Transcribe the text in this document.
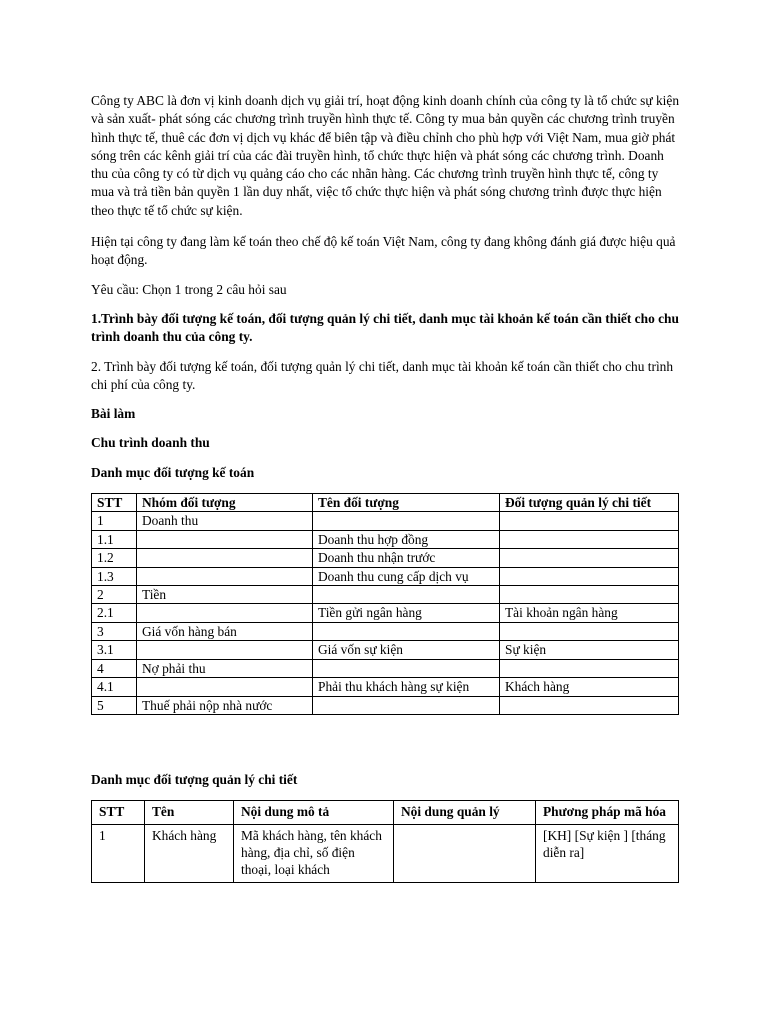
Công ty ABC là đơn vị kinh doanh dịch vụ giải trí, hoạt động kinh doanh chính của công ty là tổ chức sự kiện và sản xuất- phát sóng các chương trình truyền hình thực tế. Công ty mua bản quyền các chương trình truyền hình thực tế, thuê các đơn vị dịch vụ khác để biên tập và điều chỉnh cho phù hợp với Việt Nam, mua giờ phát sóng trên các kênh giải trí của các đài truyền hình, tổ chức thực hiện và phát sóng các chương trình. Doanh thu của công ty có từ dịch vụ quảng cáo cho các nhãn hàng. Các chương trình truyền hình thực tế, công ty mua và trả tiền bản quyền 1 lần duy nhất, việc tổ chức thực hiện và phát sóng chương trình được thực hiện theo thực tế tổ chức sự kiện.

Hiện tại công ty đang làm kế toán theo chế độ kế toán Việt Nam, công ty đang không đánh giá được hiệu quả hoạt động.

Yêu cầu: Chọn 1 trong 2 câu hỏi sau

1.Trình bày đối tượng kế toán, đối tượng quản lý chi tiết, danh mục tài khoản kế toán cần thiết cho chu trình doanh thu của công ty.

2. Trình bày đối tượng kế toán, đối tượng quản lý chi tiết, danh mục tài khoản kế toán cần thiết cho chu trình chi phí của công ty.

Bài làm

Chu trình doanh thu

Danh mục đối tượng kế toán

STT	Nhóm đối tượng	Tên đối tượng	Đối tượng quản lý chi tiết
1	Doanh thu		
1.1		Doanh thu hợp đồng	
1.2		Doanh thu nhận trước	
1.3		Doanh thu cung cấp dịch vụ	
2	Tiền		
2.1		Tiền gửi ngân hàng	Tài khoản ngân hàng
3	Giá vốn hàng bán		
3.1		Giá vốn sự kiện	Sự kiện
4	Nợ phải thu		
4.1		Phải thu khách hàng sự kiện	Khách hàng
5	Thuế phải nộp nhà nước		

Danh mục đối tượng quản lý chi tiết

STT	Tên	Nội dung mô tả	Nội dung quản lý	Phương pháp mã hóa
1	Khách hàng	Mã khách hàng, tên khách hàng, địa chỉ, số điện thoại, loại khách		[KH] [Sự kiện ] [tháng diễn ra]
